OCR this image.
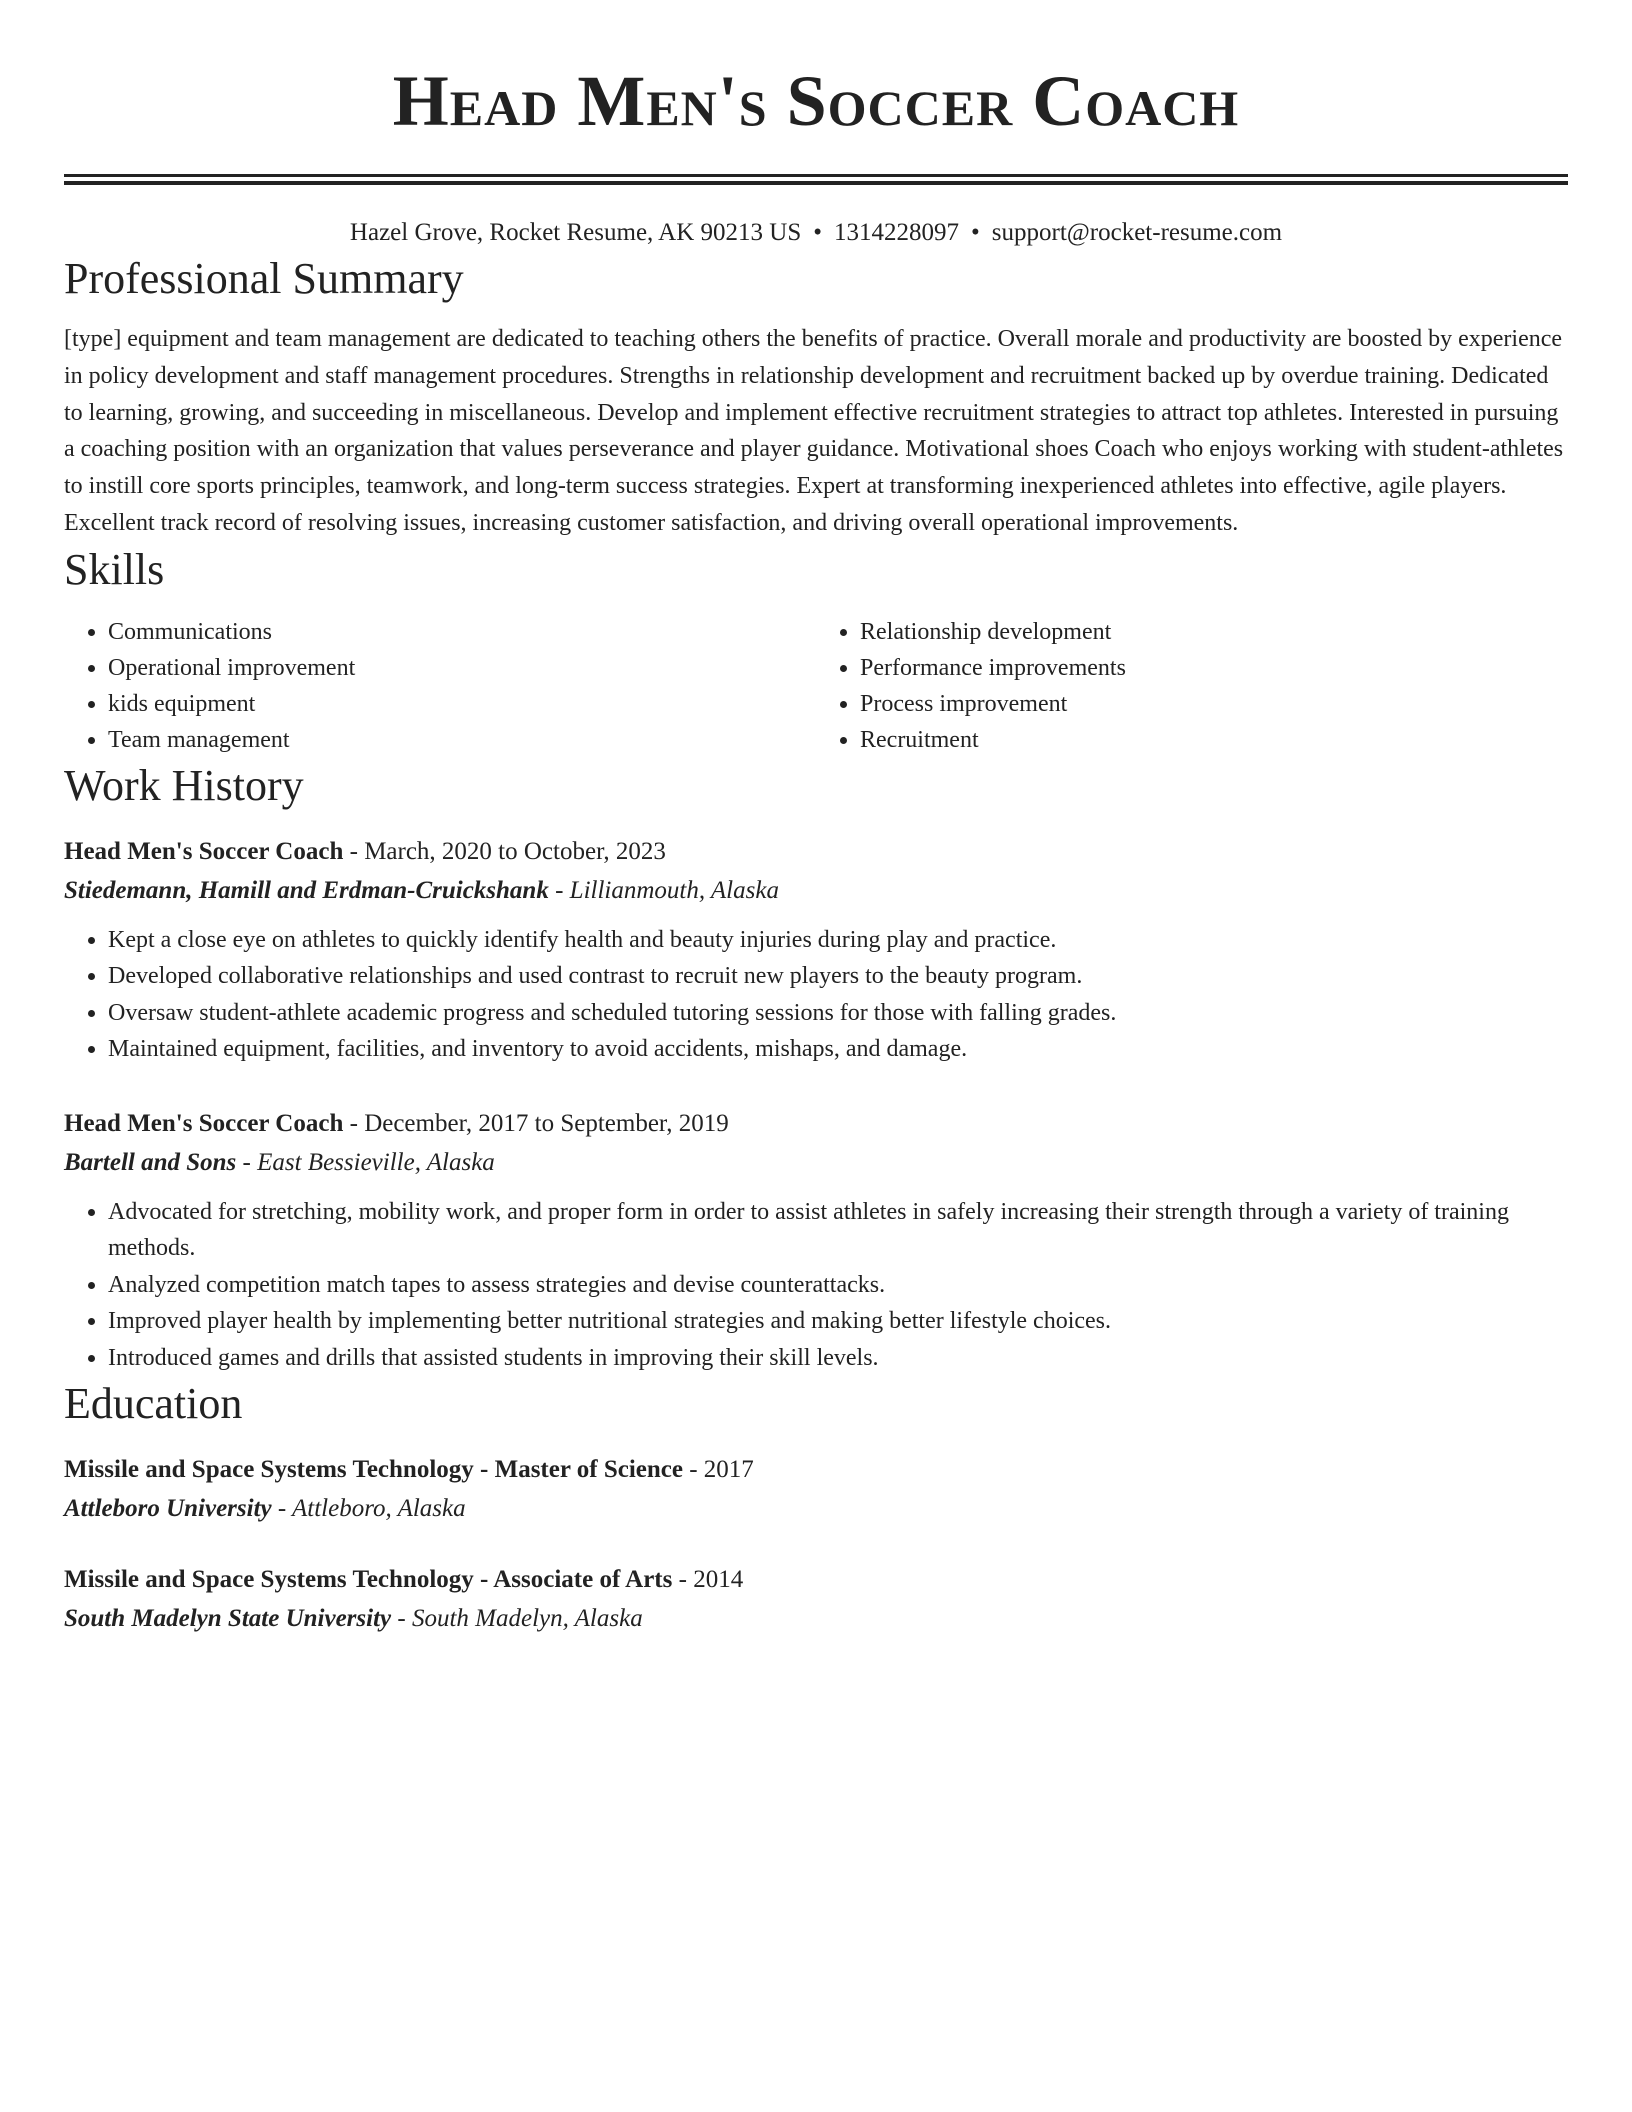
Head Men's Soccer Coach
Hazel Grove, Rocket Resume, AK 90213 US • 1314228097 • support@rocket-resume.com
Professional Summary

[type] equipment and team management are dedicated to teaching others the benefits of practice. Overall morale and productivity are boosted by experience in policy development and staff management procedures. Strengths in relationship development and recruitment backed up by overdue training. Dedicated to learning, growing, and succeeding in miscellaneous. Develop and implement effective recruitment strategies to attract top athletes. Interested in pursuing a coaching position with an organization that values perseverance and player guidance. Motivational shoes Coach who enjoys working with student-athletes to instill core sports principles, teamwork, and long-term success strategies. Expert at transforming inexperienced athletes into effective, agile players. Excellent track record of resolving issues, increasing customer satisfaction, and driving overall operational improvements.

Skills
• Communications
• Operational improvement
• kids equipment
• Team management
• Relationship development
• Performance improvements
• Process improvement
• Recruitment
Work History
Head Men's Soccer Coach - March, 2020 to October, 2023
Stiedemann, Hamill and Erdman-Cruickshank - Lillianmouth, Alaska
• Kept a close eye on athletes to quickly identify health and beauty injuries during play and practice.
• Developed collaborative relationships and used contrast to recruit new players to the beauty program.
• Oversaw student-athlete academic progress and scheduled tutoring sessions for those with falling grades.
• Maintained equipment, facilities, and inventory to avoid accidents, mishaps, and damage.
Head Men's Soccer Coach - December, 2017 to September, 2019
Bartell and Sons - East Bessieville, Alaska
• Advocated for stretching, mobility work, and proper form in order to assist athletes in safely increasing their strength through a variety of training methods.
• Analyzed competition match tapes to assess strategies and devise counterattacks.
• Improved player health by implementing better nutritional strategies and making better lifestyle choices.
• Introduced games and drills that assisted students in improving their skill levels.
Education
Missile and Space Systems Technology - Master of Science - 2017
Attleboro University - Attleboro, Alaska
Missile and Space Systems Technology - Associate of Arts - 2014
South Madelyn State University - South Madelyn, Alaska
